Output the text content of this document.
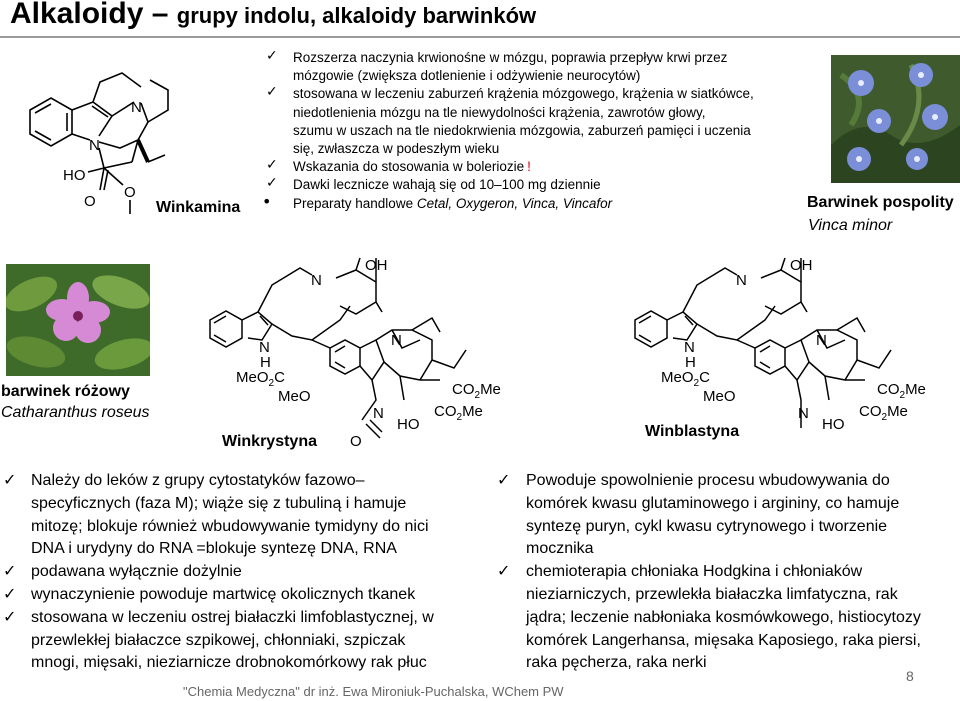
Alkaloidy – grupy indolu, alkaloidy barwinków
N
N
HO
O
O
Winkamina
✓ Rozszerza naczynia krwionośne w mózgu, poprawia przepływ krwi przez
mózgowie (zwiększa dotlenienie i odżywienie neurocytów)
✓ stosowana w leczeniu zaburzeń krążenia mózgowego, krążenia w siatkówce,
niedotlenienia mózgu na tle niewydolności krążenia, zawrotów głowy,
szumu w uszach na tle niedokrwienia mózgowia, zaburzeń pamięci i uczenia
się, zwłaszcza w podeszłym wieku
✓ Wskazania do stosowania w boleriozie !
✓ Dawki lecznicze wahają się od 10–100 mg dziennie
• Preparaty handlowe Cetal, Oxygeron, Vinca, Vincafor	Barwinek pospolity
Vinca minor
barwinek różowy
Catharanthus roseus
N
OH
N
H
MeO$_2$C
MeO
N
N
HO
$CO_2Me$
$CO_2Me$
O
Winkrystyna
N
OH
N
H
MeO$_2$C
MeO
N
N
HO
$CO_2Me$
$CO_2Me$
Winblastyna
✓ Należy do leków z grupy cytostatyków fazowo–
specyficznych (faza M); wiąże się z tubuliną i hamuje
mitozę; blokuje również wbudowywanie tymidyny do nici
DNA i urydyny do RNA =blokuje syntezę DNA, RNA
✓ podawana wyłącznie dożylnie
✓ wynaczynienie powoduje martwicę okolicznych tkanek
✓ stosowana w leczeniu ostrej białaczki limfoblastycznej, w
przewlekłej białaczce szpikowej, chłonniaki, szpiczak
mnogi, mięsaki, nieziarnicze drobnokomórkowy rak płuc
✓ Powoduje spowolnienie procesu wbudowywania do
komórek kwasu glutaminowego i argininy, co hamuje
syntezę puryn, cykl kwasu cytrynowego i tworzenie
mocznika
✓ chemioterapia chłoniaka Hodgkina i chłoniaków
nieziarniczych, przewlekła białaczka limfatyczna, rak
jądra; leczenie nabłoniaka kosmówkowego, histiocytozy
komórek Langerhansa, mięsaka Kaposiego, raka piersi,
raka pęcherza, raka nerki
"Chemia Medyczna" dr inż. Ewa Mironiuk-Puchalska, WChem PW
8
